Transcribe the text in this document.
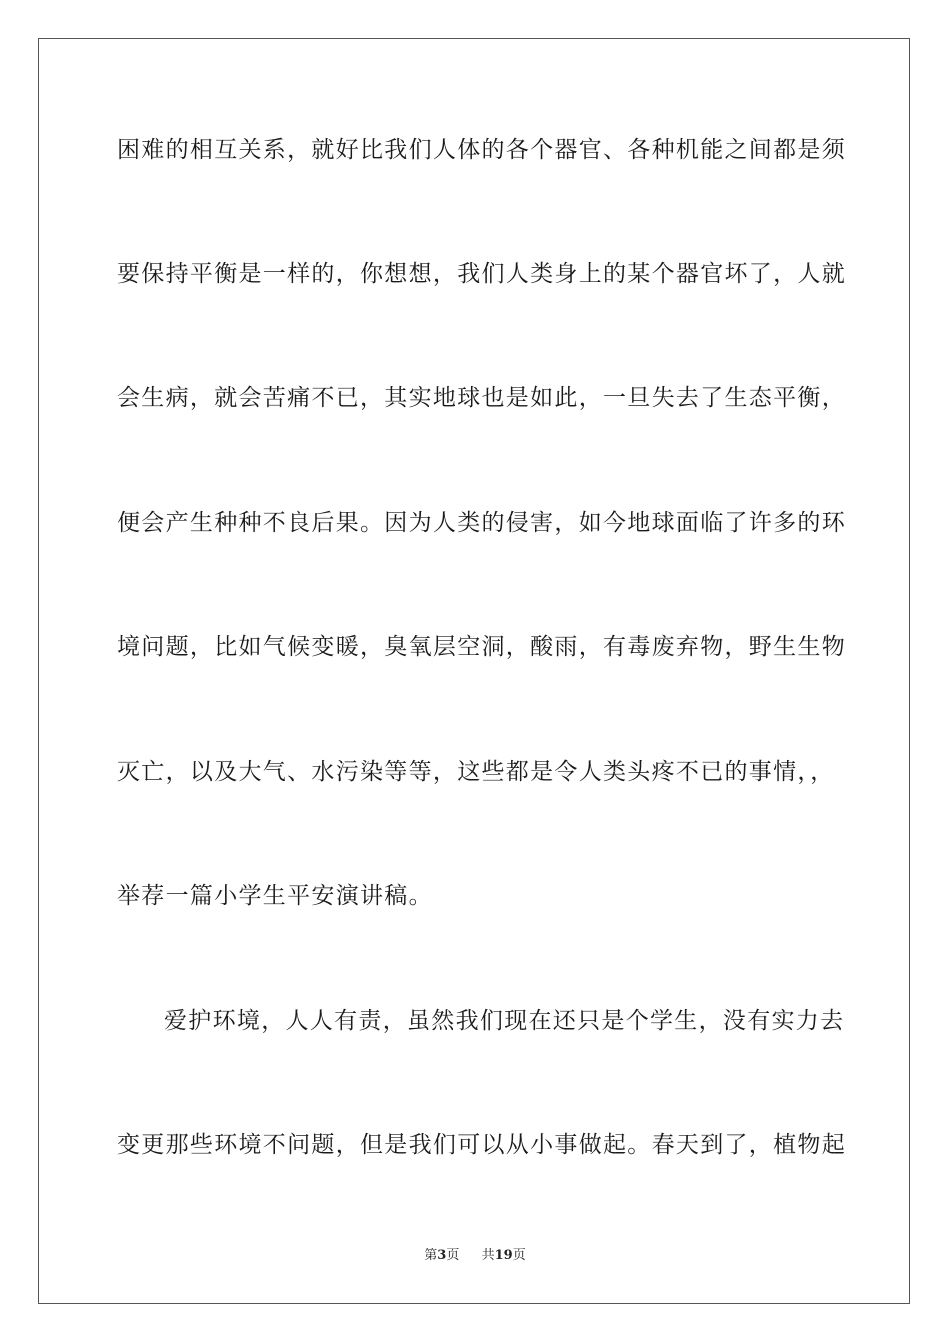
困难的相互关系，就好比我们人体的各个器官、各种机能之间都是须
要保持平衡是一样的，你想想，我们人类身上的某个器官坏了，人就
会生病，就会苦痛不已，其实地球也是如此，一旦失去了生态平衡，
便会产生种种不良后果。因为人类的侵害，如今地球面临了许多的环
境问题，比如气候变暖，臭氧层空洞，酸雨，有毒废弃物，野生生物
灭亡，以及大气、水污染等等，这些都是令人类头疼不已的事情，，
举荐一篇小学生平安演讲稿。
爱护环境，人人有责，虽然我们现在还只是个学生，没有实力去
变更那些环境不问题，但是我们可以从小事做起。春天到了，植物起
第3页 共19页
